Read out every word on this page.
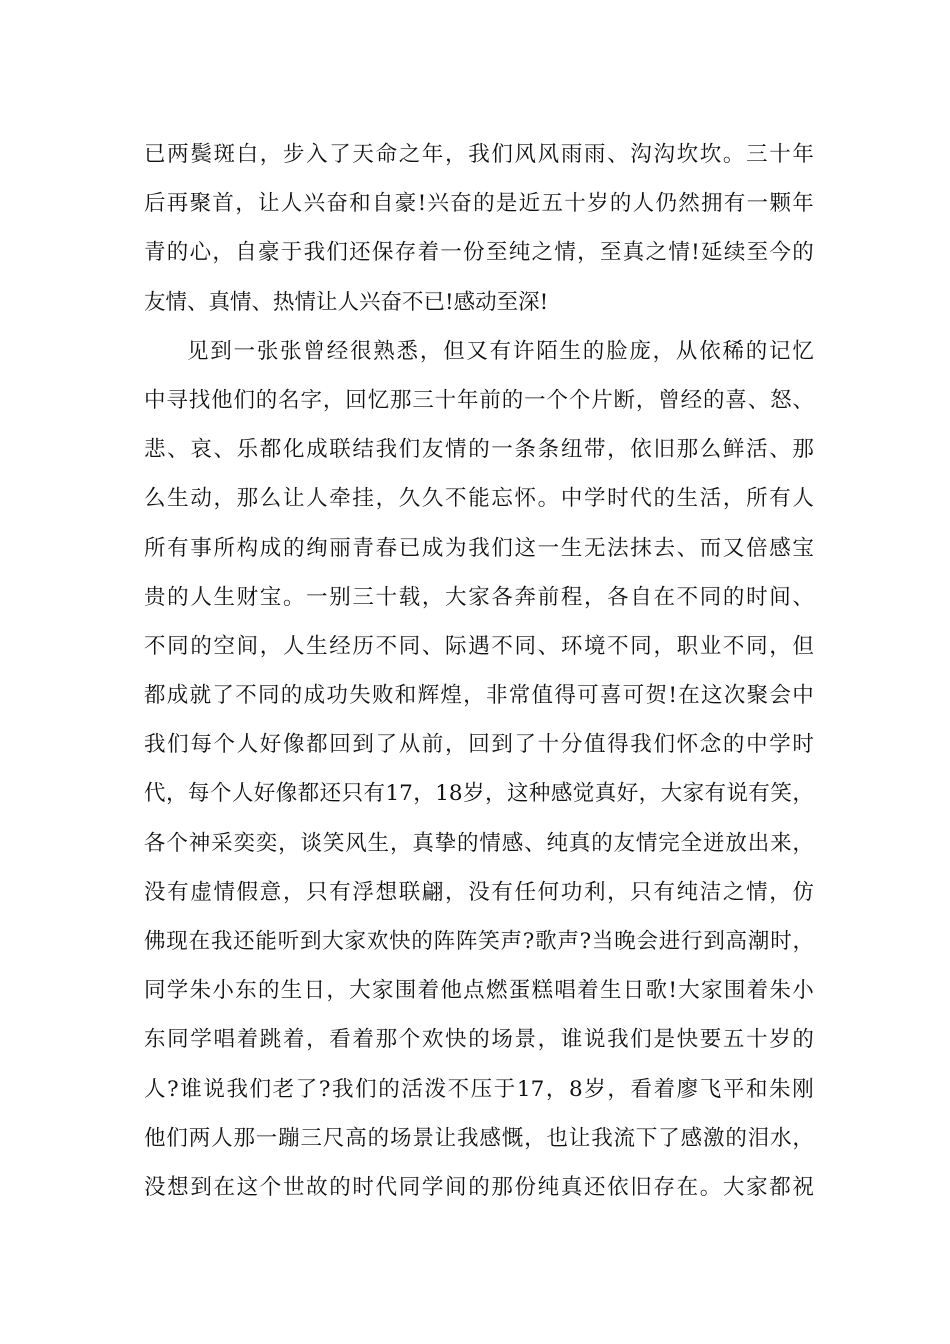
已 两 鬓 斑 白 ， 步 入 了 天 命 之 年 ， 我 们 风 风 雨 雨 、 沟 沟 坎 坎 。 三 十 年
后 再 聚 首 ， 让 人 兴 奋 和 自 豪 ! 兴 奋 的 是 近 五 十 岁 的 人 仍 然 拥 有 一 颗 年
青 的 心 ， 自 豪 于 我 们 还 保 存 着 一 份 至 纯 之 情 ， 至 真 之 情 ! 延 续 至 今 的
友情、真情、热情让人兴奋不已!感动至深!
见 到 一 张 张 曾 经 很 熟 悉 ， 但 又 有 许 陌 生 的 脸 庞 ， 从 依 稀 的 记 忆
中 寻 找 他 们 的 名 字 ， 回 忆 那 三 十 年 前 的 一 个 个 片 断 ， 曾 经 的 喜 、 怒 、
悲 、 哀 、 乐 都 化 成 联 结 我 们 友 情 的 一 条 条 纽 带 ， 依 旧 那 么 鲜 活 、 那
么 生 动 ， 那 么 让 人 牵 挂 ， 久 久 不 能 忘 怀 。 中 学 时 代 的 生 活 ， 所 有 人
所 有 事 所 构 成 的 绚 丽 青 春 已 成 为 我 们 这 一 生 无 法 抹 去 、 而 又 倍 感 宝
贵 的 人 生 财 宝 。 一 别 三 十 载 ， 大 家 各 奔 前 程 ， 各 自 在 不 同 的 时 间 、
不 同 的 空 间 ， 人 生 经 历 不 同 、 际 遇 不 同 、 环 境 不 同 ， 职 业 不 同 ， 但
都 成 就 了 不 同 的 成 功 失 败 和 辉 煌 ， 非 常 值 得 可 喜 可 贺 ! 在 这 次 聚 会 中
我 们 每 个 人 好 像 都 回 到 了 从 前 ， 回 到 了 十 分 值 得 我 们 怀 念 的 中 学 时
代 ， 每 个 人 好 像 都 还 只 有 17 ， 18 岁 ， 这 种 感 觉 真 好 ， 大 家 有 说 有 笑 ，
各 个 神 采 奕 奕 ， 谈 笑 风 生 ， 真 挚 的 情 感 、 纯 真 的 友 情 完 全 迸 放 出 来 ，
没 有 虚 情 假 意 ， 只 有 浮 想 联 翩 ， 没 有 任 何 功 利 ， 只 有 纯 洁 之 情 ， 仿
佛 现 在 我 还 能 听 到 大 家 欢 快 的 阵 阵 笑 声 ? 歌 声 ? 当 晚 会 进 行 到 高 潮 时 ，
同 学 朱 小 东 的 生 日 ， 大 家 围 着 他 点 燃 蛋 糕 唱 着 生 日 歌 ! 大 家 围 着 朱 小
东 同 学 唱 着 跳 着 ， 看 着 那 个 欢 快 的 场 景 ， 谁 说 我 们 是 快 要 五 十 岁 的
人 ? 谁 说 我 们 老 了 ? 我 们 的 活 泼 不 压 于 17 ， 8 岁 ， 看 着 廖 飞 平 和 朱 刚
他 们 两 人 那 一 蹦 三 尺 高 的 场 景 让 我 感 慨 ， 也 让 我 流 下 了 感 激 的 泪 水 ，
没 想 到 在 这 个 世 故 的 时 代 同 学 间 的 那 份 纯 真 还 依 旧 存 在 。 大 家 都 祝
